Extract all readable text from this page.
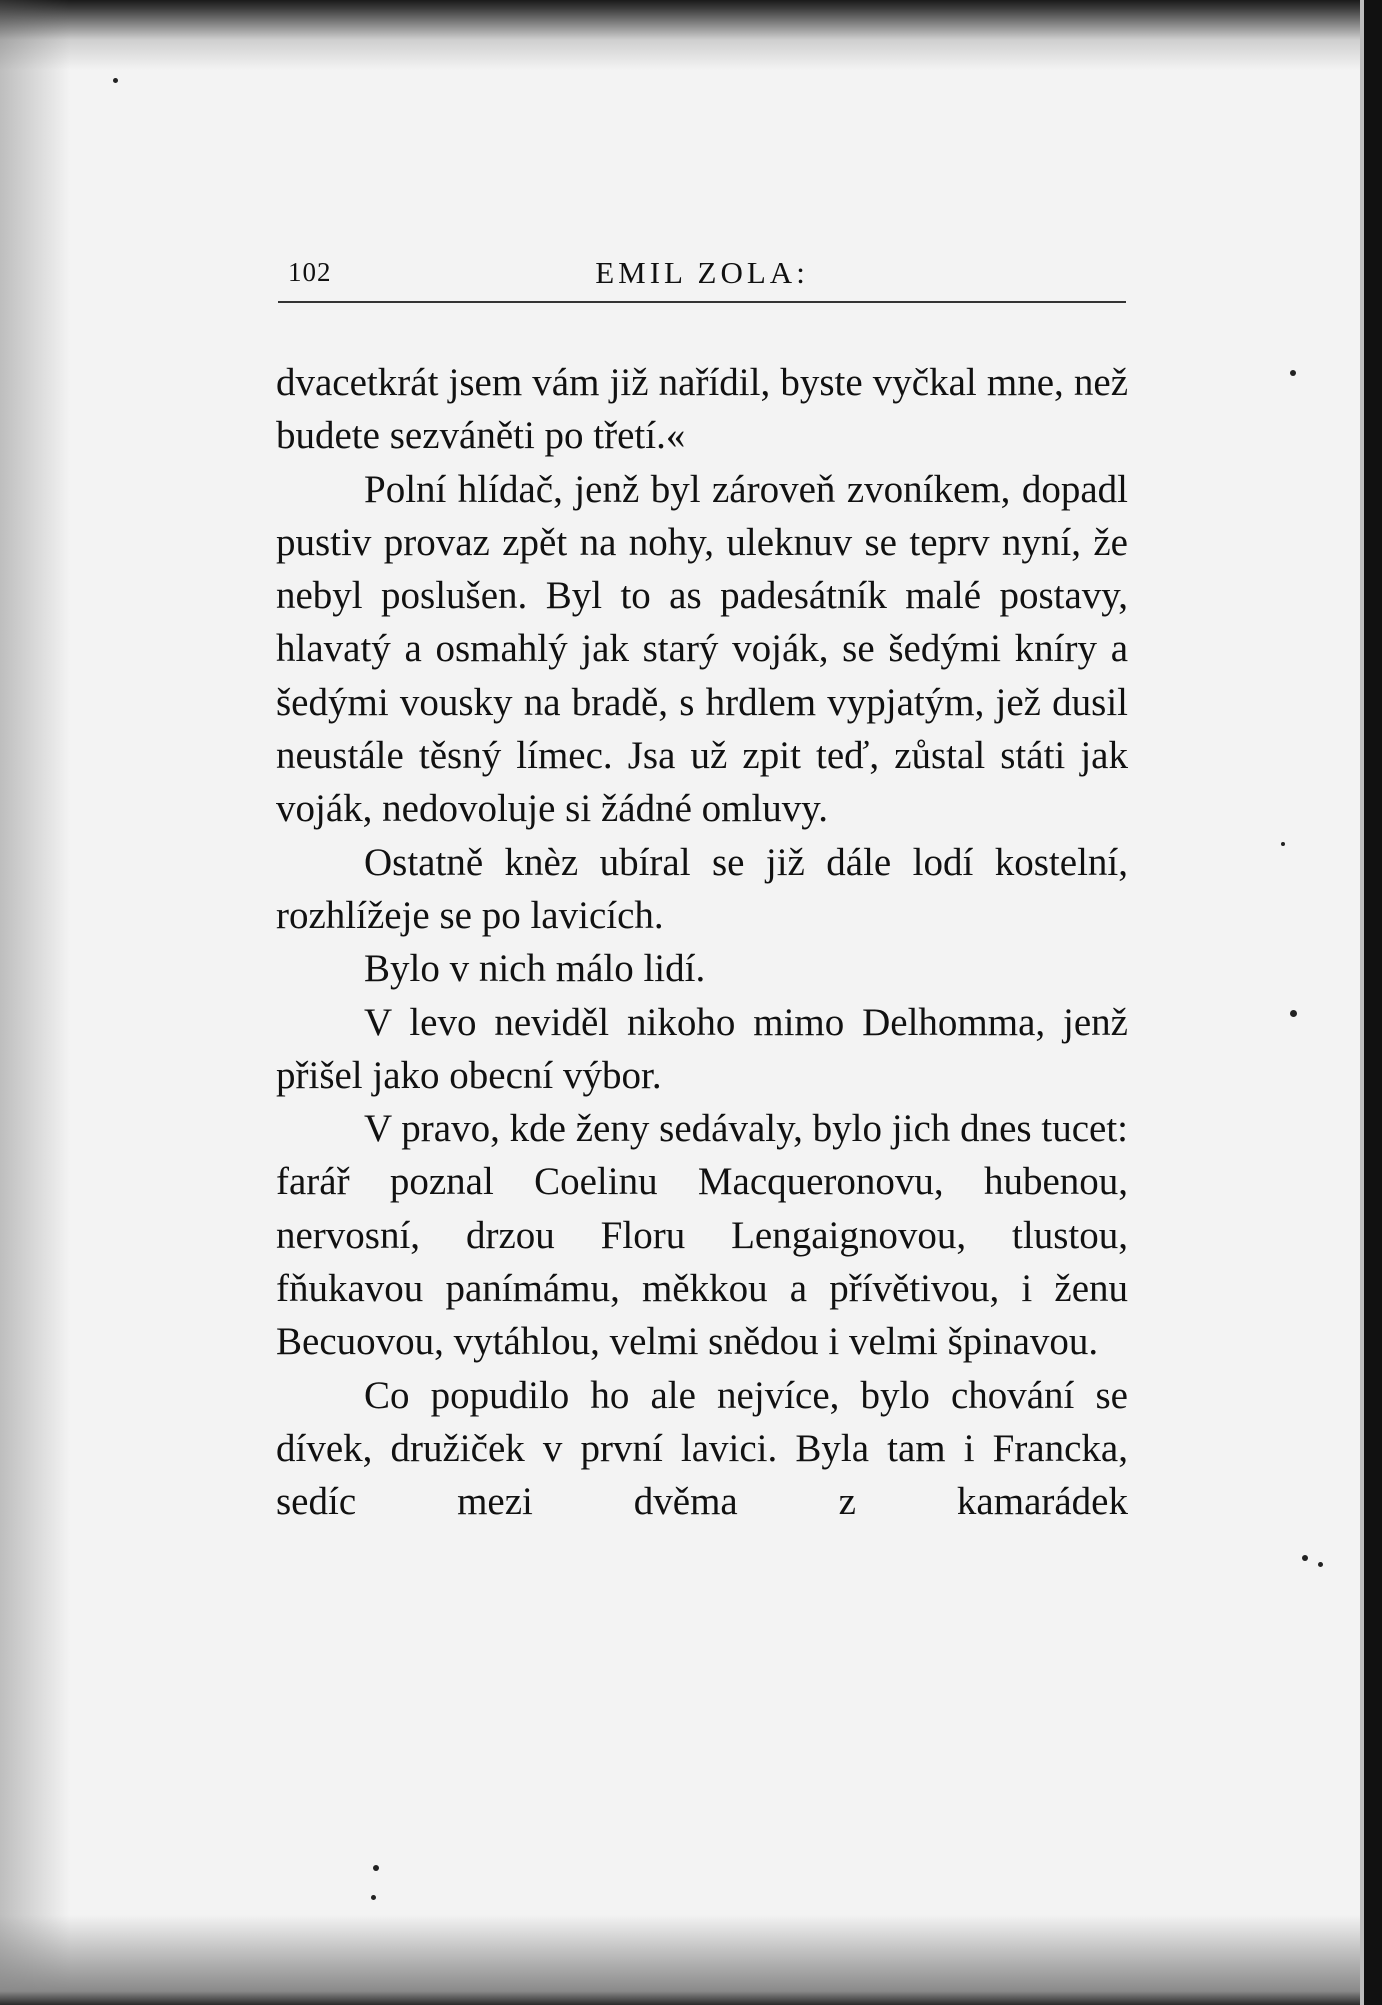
102	EMIL ZOLA:

dvacetkrát jsem vám již nařídil, byste vyčkal mne, než budete sezváněti po třetí.«

Polní hlídač, jenž byl zároveň zvoníkem, dopadl pustiv provaz zpět na nohy, uleknuv se teprv nyní, že nebyl poslušen. Byl to as padesátník malé postavy, hlavatý a osmahlý jak starý voják, se šedými kníry a šedými vousky na bradě, s hrdlem vypjatým, jež dusil neustále těsný límec. Jsa už zpit teď, zůstal státi jak voják, nedovoluje si žádné omluvy.

Ostatně knèz ubíral se již dále lodí kostelní, rozhlížeje se po lavicích.

Bylo v nich málo lidí.

V levo neviděl nikoho mimo Delhomma, jenž přišel jako obecní výbor.

V pravo, kde ženy sedávaly, bylo jich dnes tucet: farář poznal Coelinu Macqueronovu, hubenou, nervosní, drzou Floru Lengaignovou, tlustou, fňukavou panímámu, měkkou a přívětivou, i ženu Becuovou, vytáhlou, velmi snědou i velmi špinavou.

Co popudilo ho ale nejvíce, bylo chování se dívek, družiček v první lavici. Byla tam i Francka, sedíc mezi dvěma z kamarádek
